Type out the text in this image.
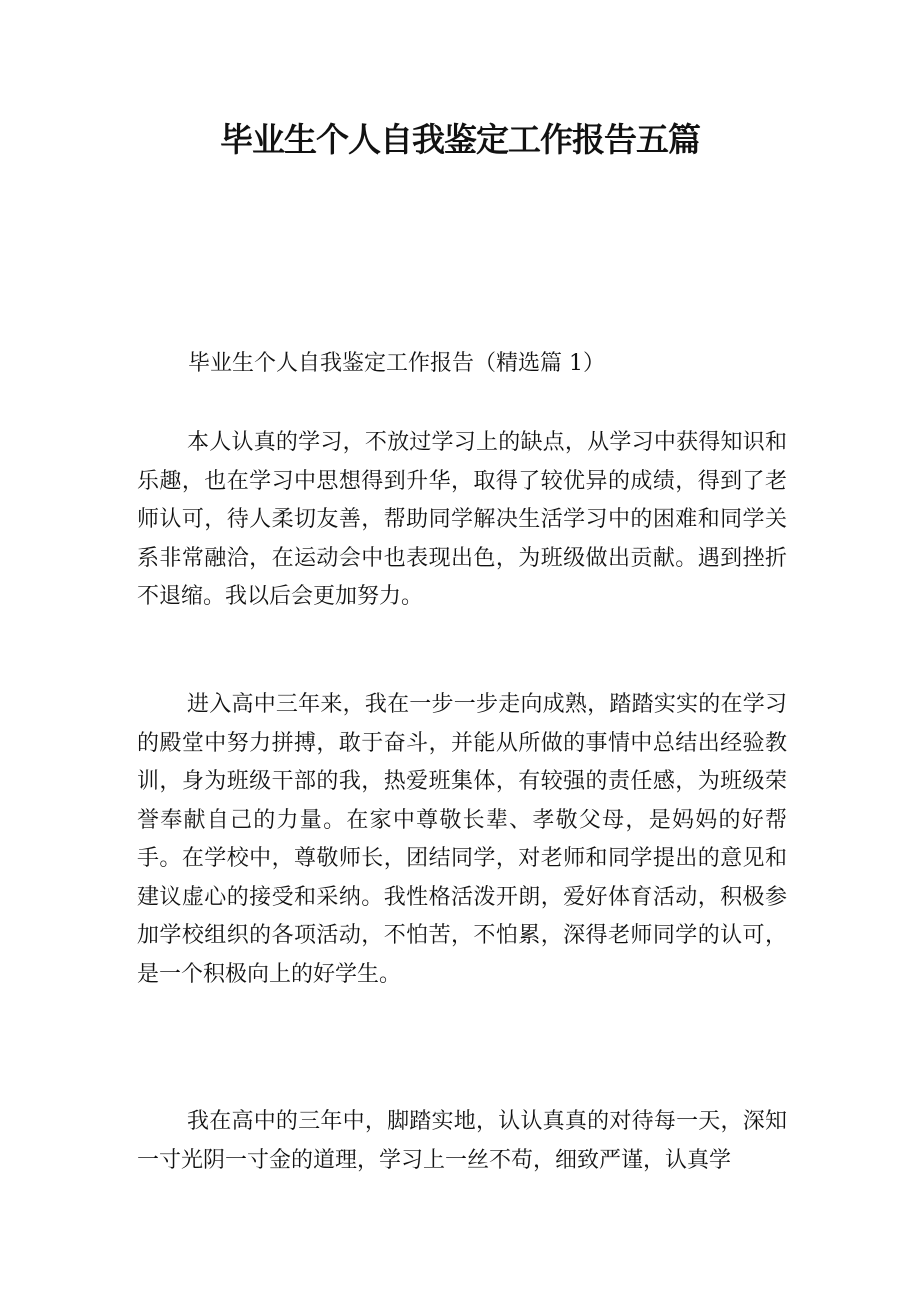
毕业生个人自我鉴定工作报告五篇

毕业生个人自我鉴定工作报告（精选篇 1）

本人认真的学习，不放过学习上的缺点，从学习中获得知识和乐趣，也在学习中思想得到升华，取得了较优异的成绩，得到了老师认可，待人柔切友善，帮助同学解决生活学习中的困难和同学关系非常融洽，在运动会中也表现出色，为班级做出贡献。遇到挫折不退缩。我以后会更加努力。

进入高中三年来，我在一步一步走向成熟，踏踏实实的在学习的殿堂中努力拼搏，敢于奋斗，并能从所做的事情中总结出经验教训，身为班级干部的我，热爱班集体，有较强的责任感，为班级荣誉奉献自己的力量。在家中尊敬长辈、孝敬父母，是妈妈的好帮手。在学校中，尊敬师长，团结同学，对老师和同学提出的意见和建议虚心的接受和采纳。我性格活泼开朗，爱好体育活动，积极参加学校组织的各项活动，不怕苦，不怕累，深得老师同学的认可，是一个积极向上的好学生。

我在高中的三年中，脚踏实地，认认真真的对待每一天，深知一寸光阴一寸金的道理，学习上一丝不苟，细致严谨，认真学
